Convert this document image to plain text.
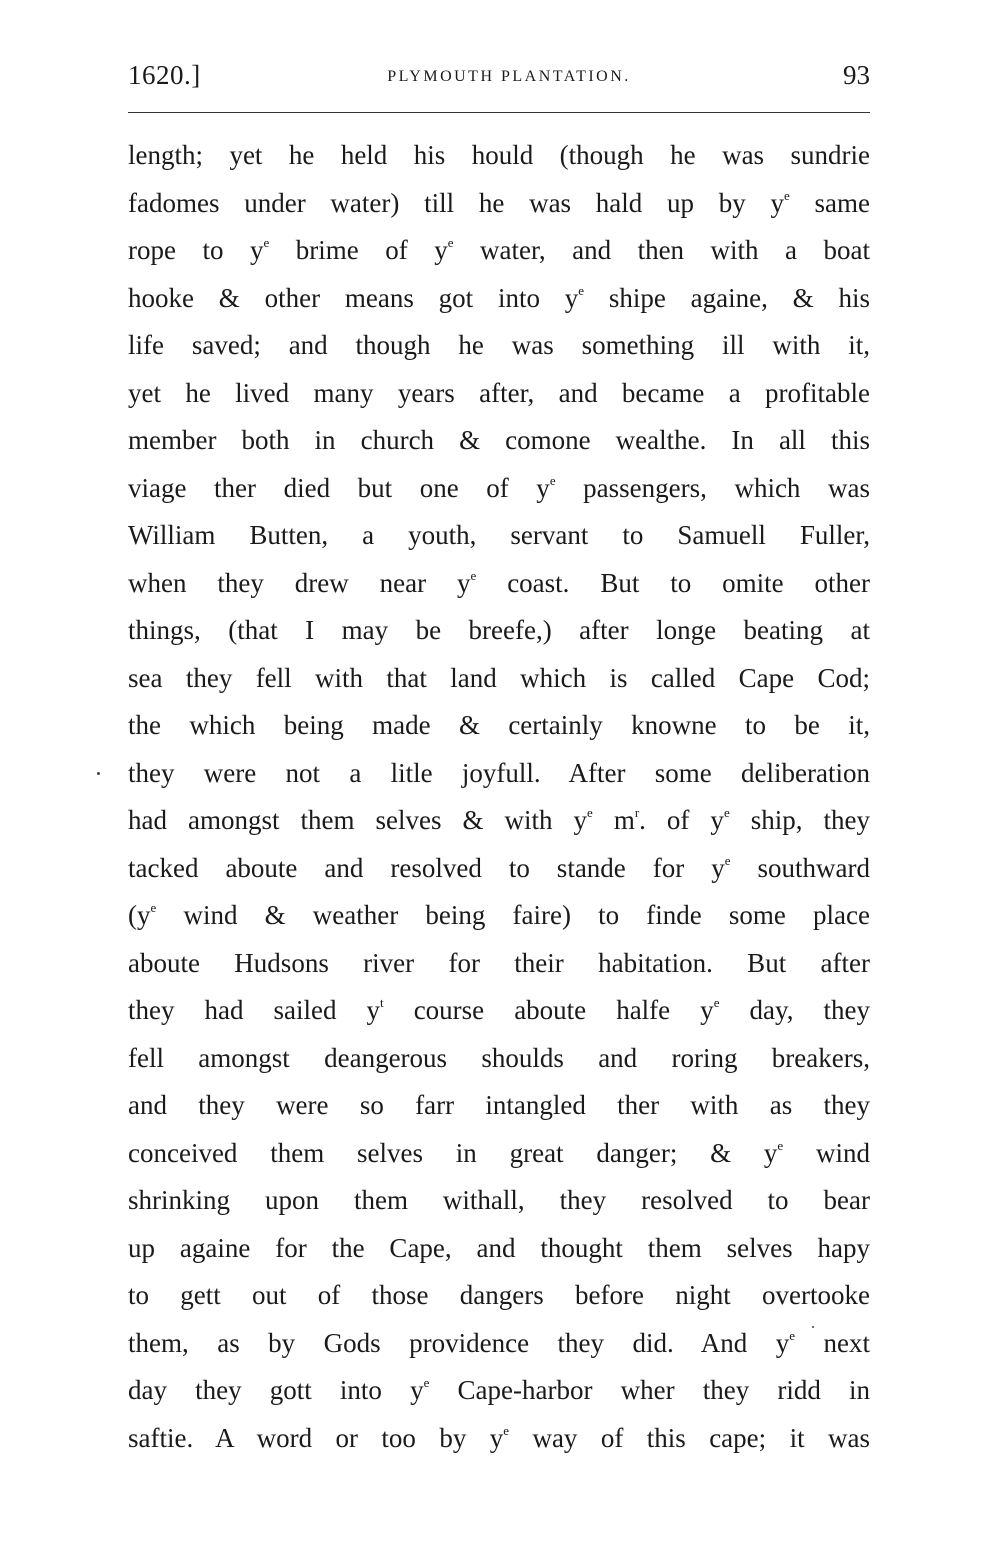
1620.]	PLYMOUTH PLANTATION.	93
length; yet he held his hould (though he was sundrie
fadomes under water) till he was hald up by $y^e$ same
rope to $y^e$ brime of $y^e$ water, and then with a boat
hooke & other means got into $y^e$ shipe againe, & his
life saved; and though he was something ill with it,
yet he lived many years after, and became a profitable
member both in church & comone wealthe. In all this
viage ther died but one of $y^e$ passengers, which was
William Butten, a youth, servant to Samuell Fuller,
when they drew near $y^e$ coast. But to omite other
things, (that I may be breefe,) after longe beating at
sea they fell with that land which is called Cape Cod;
the which being made & certainly knowne to be it,
they were not a litle joyfull. After some deliberation
had amongst them selves & with $y^e$ $m^r$. of $y^e$ ship, they
tacked aboute and resolved to stande for $y^e$ southward
($y^e$ wind & weather being faire) to finde some place
aboute Hudsons river for their habitation. But after
they had sailed $y^t$ course aboute halfe $y^e$ day, they
fell amongst deangerous shoulds and roring breakers,
and they were so farr intangled ther with as they
conceived them selves in great danger; & $y^e$ wind
shrinking upon them withall, they resolved to bear
up againe for the Cape, and thought them selves hapy
to gett out of those dangers before night overtooke
them, as by Gods providence they did. And $y^e$ next
day they gott into $y^e$ Cape-harbor wher they ridd in
saftie. A word or too by $y^e$ way of this cape; it was
